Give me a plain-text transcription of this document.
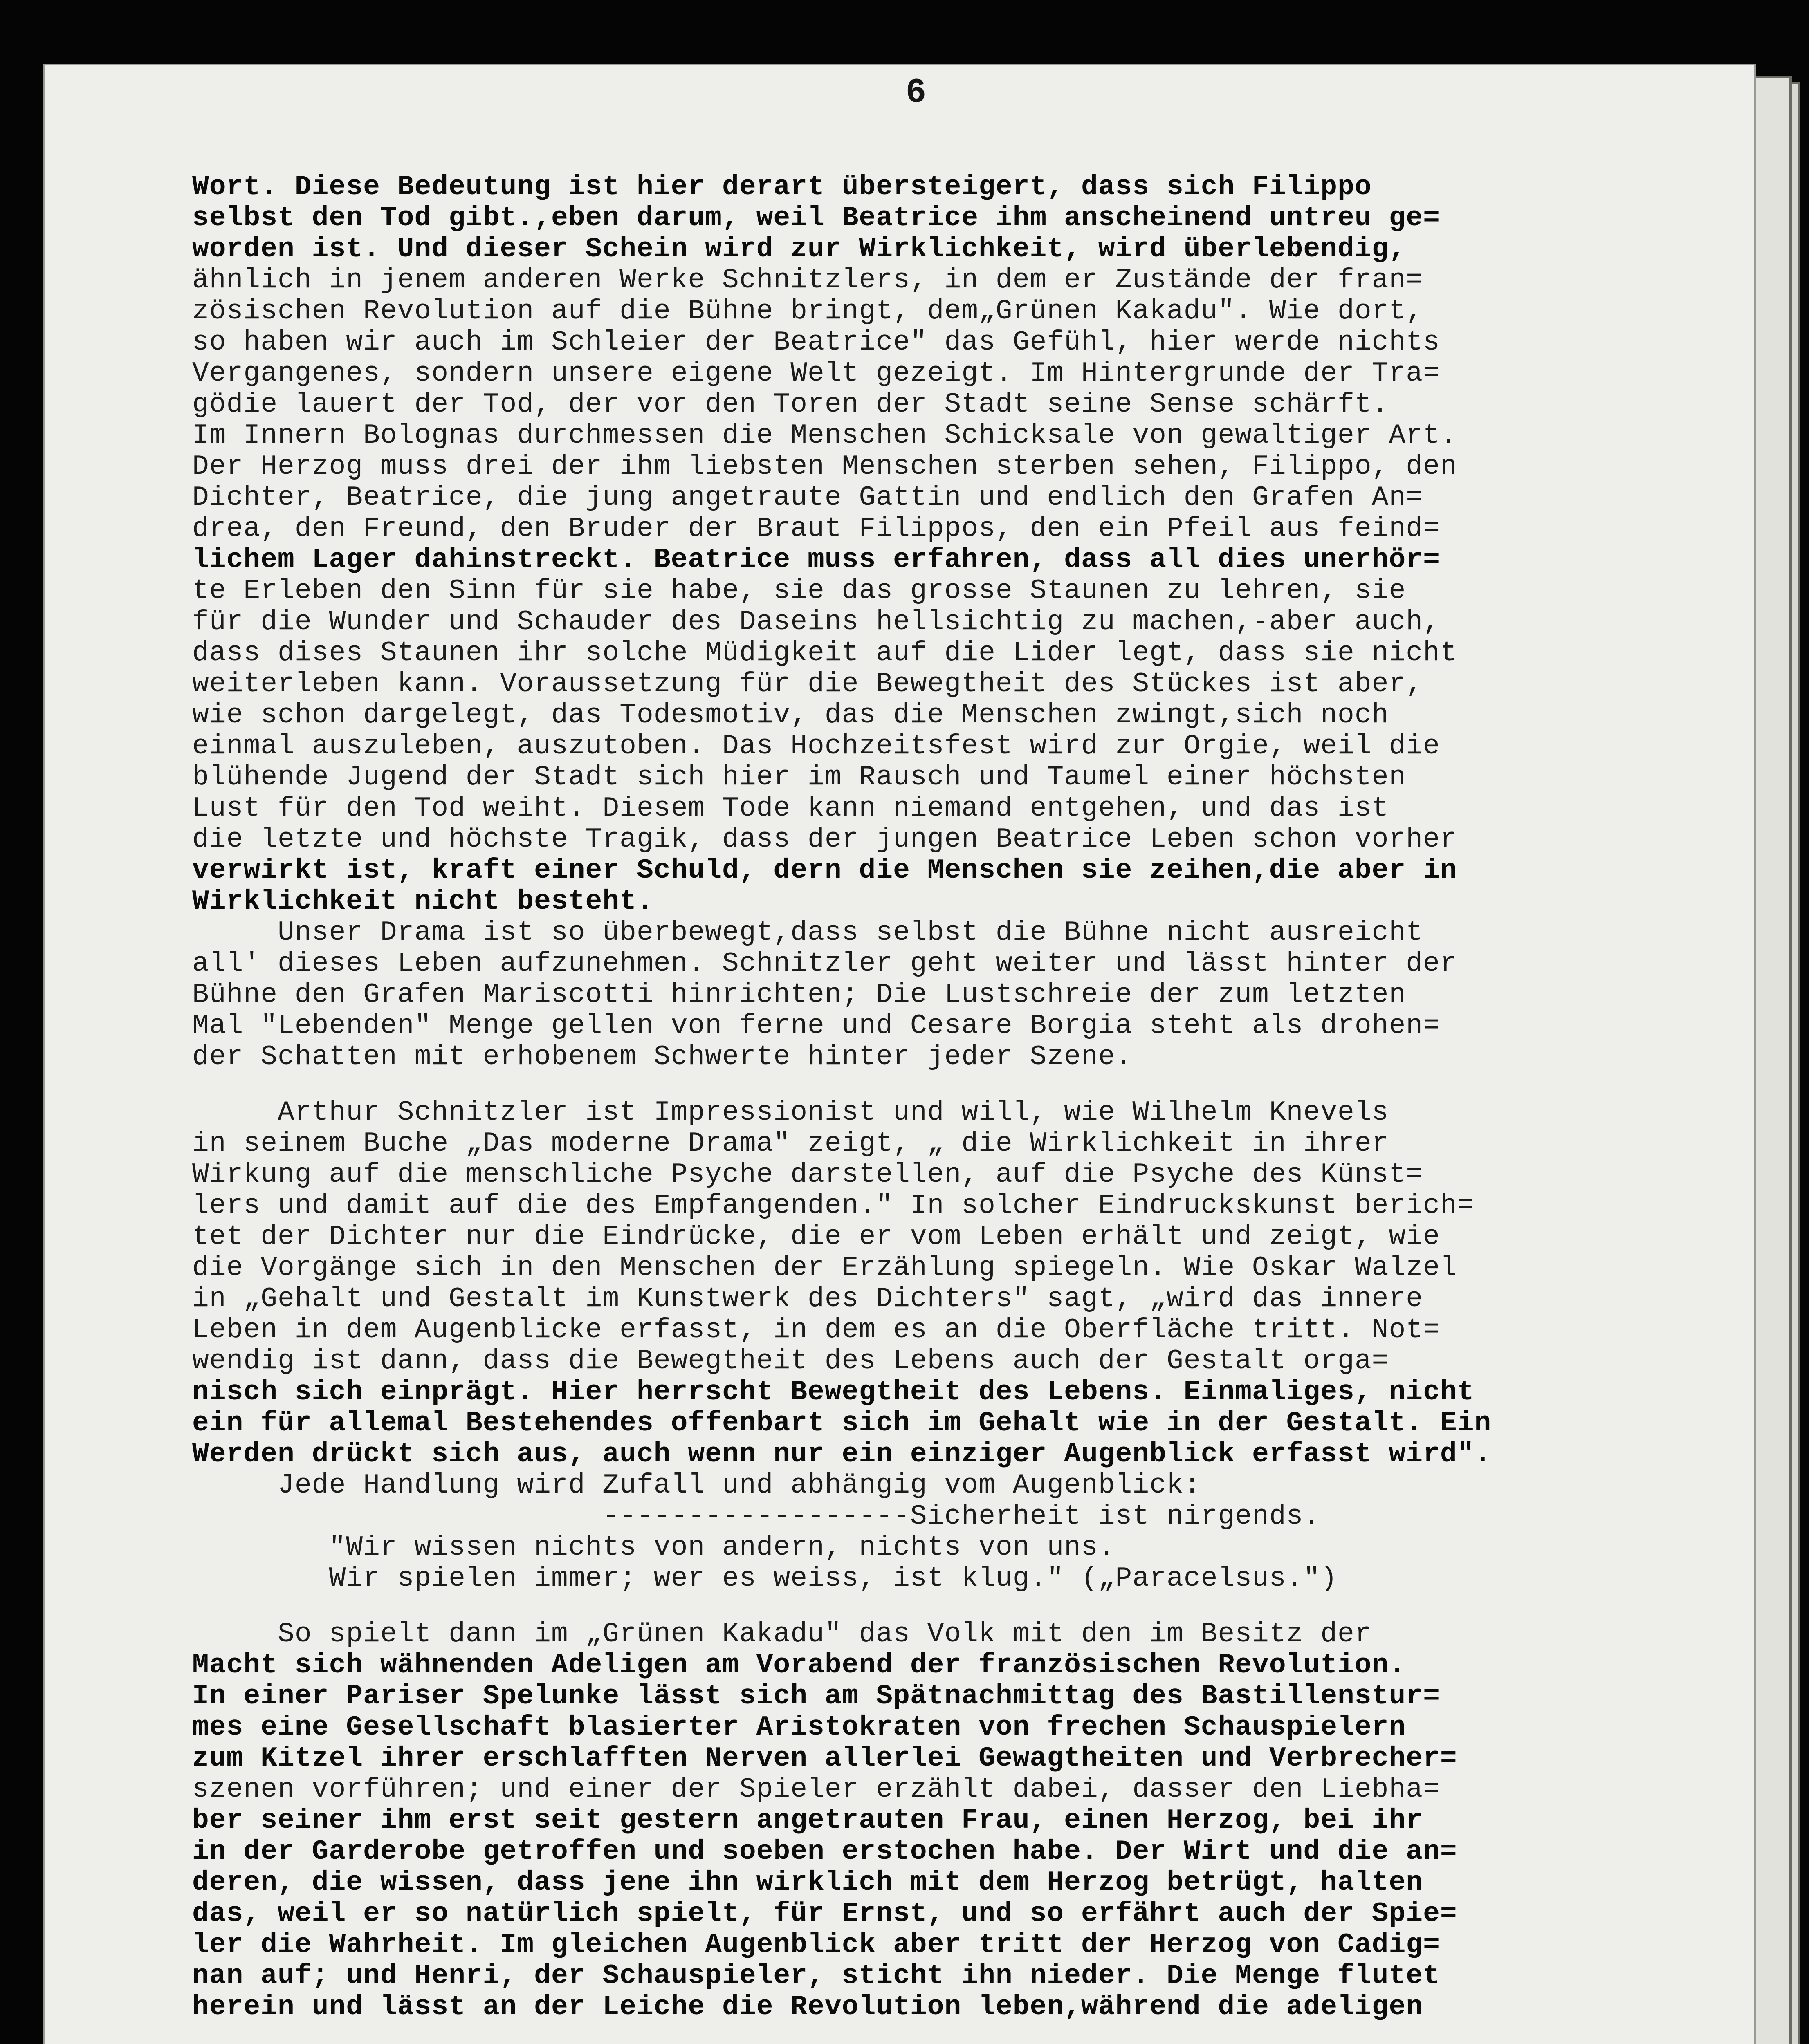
6
Wort. Diese Bedeutung ist hier derart übersteigert, dass sich Filippo
selbst den Tod gibt.,eben darum, weil Beatrice ihm anscheinend untreu ge=
worden ist. Und dieser Schein wird zur Wirklichkeit, wird überlebendig,
ähnlich in jenem anderen Werke Schnitzlers, in dem er Zustände der fran=
zösischen Revolution auf die Bühne bringt, dem„Grünen Kakadu". Wie dort,
so haben wir auch im Schleier der Beatrice" das Gefühl, hier werde nichts
Vergangenes, sondern unsere eigene Welt gezeigt. Im Hintergrunde der Tra=
gödie lauert der Tod, der vor den Toren der Stadt seine Sense schärft.
Im Innern Bolognas durchmessen die Menschen Schicksale von gewaltiger Art.
Der Herzog muss drei der ihm liebsten Menschen sterben sehen, Filippo, den
Dichter, Beatrice, die jung angetraute Gattin und endlich den Grafen An=
drea, den Freund, den Bruder der Braut Filippos, den ein Pfeil aus feind=
lichem Lager dahinstreckt. Beatrice muss erfahren, dass all dies unerhör=
te Erleben den Sinn für sie habe, sie das grosse Staunen zu lehren, sie
für die Wunder und Schauder des Daseins hellsichtig zu machen,-aber auch,
dass dises Staunen ihr solche Müdigkeit auf die Lider legt, dass sie nicht
weiterleben kann. Voraussetzung für die Bewegtheit des Stückes ist aber,
wie schon dargelegt, das Todesmotiv, das die Menschen zwingt,sich noch
einmal auszuleben, auszutoben. Das Hochzeitsfest wird zur Orgie, weil die
blühende Jugend der Stadt sich hier im Rausch und Taumel einer höchsten
Lust für den Tod weiht. Diesem Tode kann niemand entgehen, und das ist
die letzte und höchste Tragik, dass der jungen Beatrice Leben schon vorher
verwirkt ist, kraft einer Schuld, dern die Menschen sie zeihen,die aber in
Wirklichkeit nicht besteht.
Unser Drama ist so überbewegt,dass selbst die Bühne nicht ausreicht
all' dieses Leben aufzunehmen. Schnitzler geht weiter und lässt hinter der
Bühne den Grafen Mariscotti hinrichten; Die Lustschreie der zum letzten
Mal "Lebenden" Menge gellen von ferne und Cesare Borgia steht als drohen=
der Schatten mit erhobenem Schwerte hinter jeder Szene.
Arthur Schnitzler ist Impressionist und will, wie Wilhelm Knevels
in seinem Buche „Das moderne Drama" zeigt, „ die Wirklichkeit in ihrer
Wirkung auf die menschliche Psyche darstellen, auf die Psyche des Künst=
lers und damit auf die des Empfangenden." In solcher Eindruckskunst berich=
tet der Dichter nur die Eindrücke, die er vom Leben erhält und zeigt, wie
die Vorgänge sich in den Menschen der Erzählung spiegeln. Wie Oskar Walzel
in „Gehalt und Gestalt im Kunstwerk des Dichters" sagt, „wird das innere
Leben in dem Augenblicke erfasst, in dem es an die Oberfläche tritt. Not=
wendig ist dann, dass die Bewegtheit des Lebens auch der Gestalt orga=
nisch sich einprägt. Hier herrscht Bewegtheit des Lebens. Einmaliges, nicht
ein für allemal Bestehendes offenbart sich im Gehalt wie in der Gestalt. Ein
Werden drückt sich aus, auch wenn nur ein einziger Augenblick erfasst wird".
Jede Handlung wird Zufall und abhängig vom Augenblick:
------------------Sicherheit ist nirgends.
"Wir wissen nichts von andern, nichts von uns.
Wir spielen immer; wer es weiss, ist klug." („Paracelsus.")
So spielt dann im „Grünen Kakadu" das Volk mit den im Besitz der
Macht sich wähnenden Adeligen am Vorabend der französischen Revolution.
In einer Pariser Spelunke lässt sich am Spätnachmittag des Bastillenstur=
mes eine Gesellschaft blasierter Aristokraten von frechen Schauspielern
zum Kitzel ihrer erschlafften Nerven allerlei Gewagtheiten und Verbrecher=
szenen vorführen; und einer der Spieler erzählt dabei, dasser den Liebha=
ber seiner ihm erst seit gestern angetrauten Frau, einen Herzog, bei ihr
in der Garderobe getroffen und soeben erstochen habe. Der Wirt und die an=
deren, die wissen, dass jene ihn wirklich mit dem Herzog betrügt, halten
das, weil er so natürlich spielt, für Ernst, und so erfährt auch der Spie=
ler die Wahrheit. Im gleichen Augenblick aber tritt der Herzog von Cadig=
nan auf; und Henri, der Schauspieler, sticht ihn nieder. Die Menge flutet
herein und lässt an der Leiche die Revolution leben,während die adeligen
